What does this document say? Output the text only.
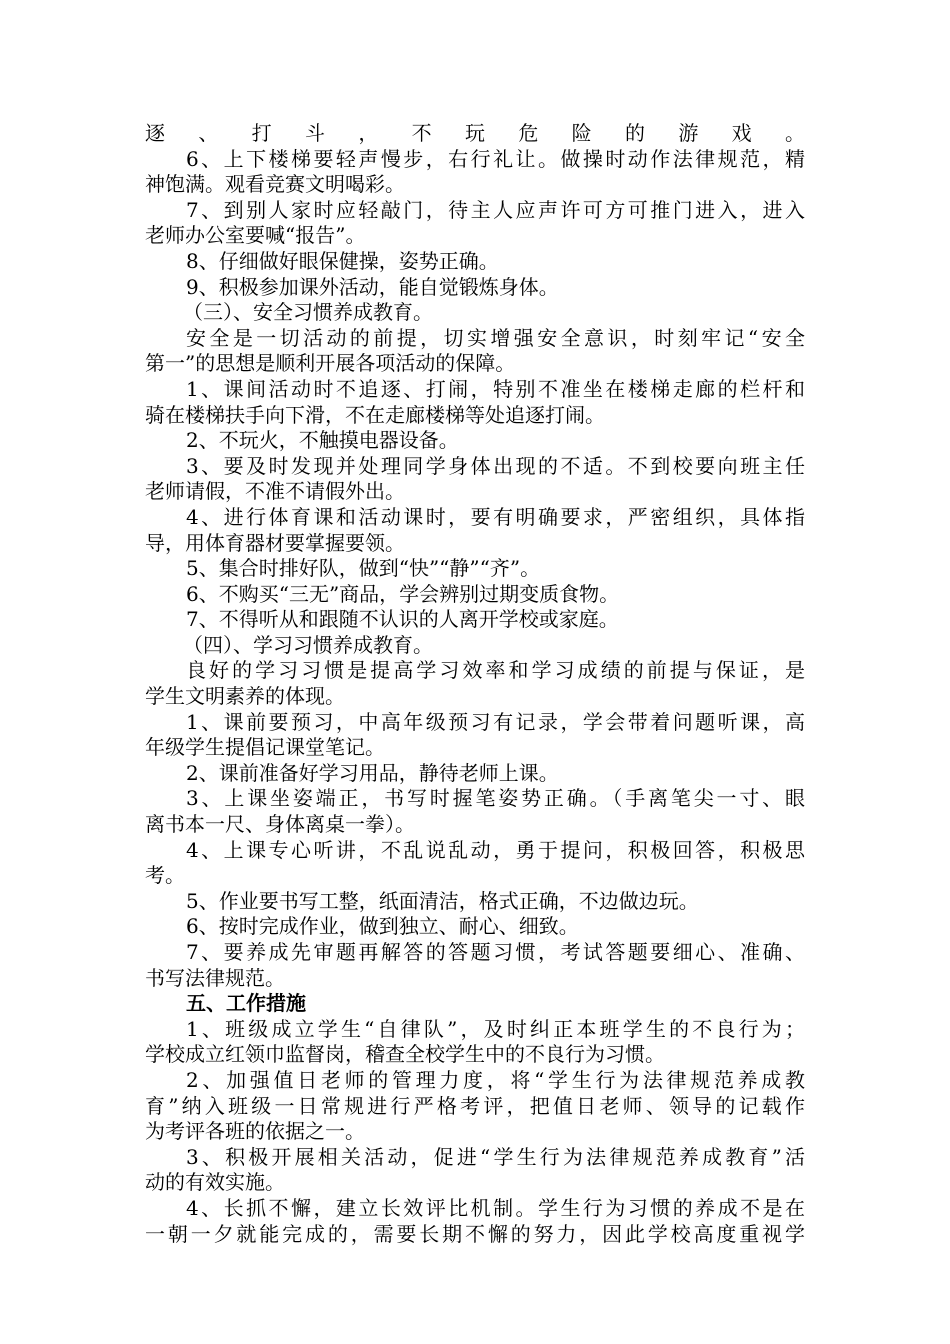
逐、打斗，不玩危险的游戏。
6、上下楼梯要轻声慢步，右行礼让。做操时动作法律规范，精
神饱满。观看竞赛文明喝彩。
7、到别人家时应轻敲门，待主人应声许可方可推门进入，进入
老师办公室要喊“报告”。
8、仔细做好眼保健操，姿势正确。
9、积极参加课外活动，能自觉锻炼身体。
（三）、安全习惯养成教育。
安全是一切活动的前提，切实增强安全意识，时刻牢记“安全
第一”的思想是顺利开展各项活动的保障。
1、课间活动时不追逐、打闹，特别不准坐在楼梯走廊的栏杆和
骑在楼梯扶手向下滑，不在走廊楼梯等处追逐打闹。
2、不玩火，不触摸电器设备。
3、要及时发现并处理同学身体出现的不适。不到校要向班主任
老师请假，不准不请假外出。
4、进行体育课和活动课时，要有明确要求，严密组织，具体指
导，用体育器材要掌握要领。
5、集合时排好队，做到“快”“静”“齐”。
6、不购买“三无”商品，学会辨别过期变质食物。
7、不得听从和跟随不认识的人离开学校或家庭。
（四）、学习习惯养成教育。
良好的学习习惯是提高学习效率和学习成绩的前提与保证，是
学生文明素养的体现。
1、课前要预习，中高年级预习有记录，学会带着问题听课，高
年级学生提倡记课堂笔记。
2、课前准备好学习用品，静待老师上课。
3、上课坐姿端正，书写时握笔姿势正确。（手离笔尖一寸、眼
离书本一尺、身体离桌一拳）。
4、上课专心听讲，不乱说乱动，勇于提问，积极回答，积极思
考。
5、作业要书写工整，纸面清洁，格式正确，不边做边玩。
6、按时完成作业，做到独立、耐心、细致。
7、要养成先审题再解答的答题习惯，考试答题要细心、准确、
书写法律规范。
五、工作措施
1、班级成立学生“自律队”，及时纠正本班学生的不良行为；
学校成立红领巾监督岗，稽查全校学生中的不良行为习惯。
2、加强值日老师的管理力度，将“学生行为法律规范养成教
育”纳入班级一日常规进行严格考评，把值日老师、领导的记载作
为考评各班的依据之一。
3、积极开展相关活动，促进“学生行为法律规范养成教育”活
动的有效实施。
4、长抓不懈，建立长效评比机制。学生行为习惯的养成不是在
一朝一夕就能完成的，需要长期不懈的努力，因此学校高度重视学
